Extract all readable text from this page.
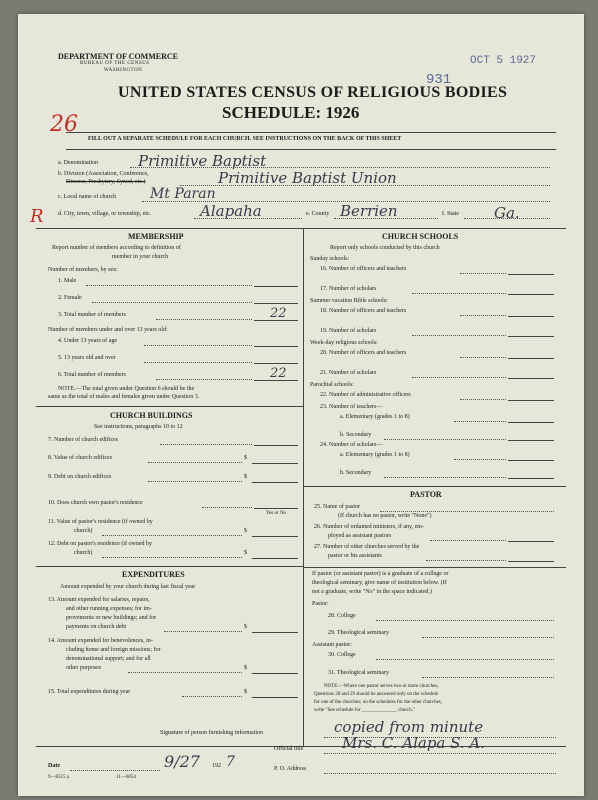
DEPARTMENT OF COMMERCE
BUREAU OF THE CENSUS
WASHINGTON
OCT 5 1927
931
UNITED STATES CENSUS OF RELIGIOUS BODIES
SCHEDULE: 1926
26
FILL OUT A SEPARATE SCHEDULE FOR EACH CHURCH. SEE INSTRUCTIONS ON THE BACK OF THIS SHEET
a. Denomination	Primitive Baptist
b. Division (Association, Conference,
Diocese, Presbytery, Synod, etc.)	Primitive Baptist Union
c. Local name of church Mt Paran
R d. City, town, village, or township, etc.	Alapaha	e. County Berrien	f. State Ga.
MEMBERSHIP
Report number of members according to definition of
member in your church
Number of members, by sex:
1. Male
2. Female
3. Total number of members	22
Number of members under and over 13 years old:
4. Under 13 years of age
5. 13 years old and over
6. Total number of members	22
NOTE.—The total given under Question 6 should be the
same as the total of males and females given under Question 3.
CHURCH BUILDINGS
See instructions, paragraphs 10 to 12
7. Number of church edifices
8. Value of church edifices	$
9. Debt on church edifices	$
10. Does church own pastor's residence
Yes or No
11. Value of pastor's residence (if owned by
church)	$
12. Debt on pastor's residence (if owned by
church)	$
EXPENDITURES
Amount expended by your church during last fiscal year
13. Amount expended for salaries, repairs,
and other running expenses; for im-
provements or new buildings; and for
payments on church debt	$
14. Amount expended for benevolences, in-
cluding home and foreign missions; for
denominational support; and for all
other purposes	$
15. Total expenditures during year	$
CHURCH SCHOOLS
Report only schools conducted by this church
Sunday schools:
16. Number of officers and teachers
17. Number of scholars
Summer vacation Bible schools:
18. Number of officers and teachers
19. Number of scholars
Week-day religious schools:
20. Number of officers and teachers
21. Number of scholars
Parochial schools:
22. Number of administrative officers
23. Number of teachers—
a. Elementary (grades 1 to 8)
b. Secondary
24. Number of scholars—
a. Elementary (grades 1 to 8)
b. Secondary
PASTOR
25. Name of pastor
(If church has no pastor, write "None")
26. Number of ordained ministers, if any, em-
ployed as assistant pastors
27. Number of other churches served by the
pastor or his assistants
If pastor (or assistant pastor) is a graduate of a college or
theological seminary, give name of institution below. (If
not a graduate, write "No" in the space indicated.)
Pastor:
28. College
29. Theological seminary
Assistant pastor:
30. College
31. Theological seminary
NOTE.—Where one pastor serves two or more churches,
Questions 28 and 29 should be answered only on the schedule
for one of the churches; on the schedules for the other churches,
write "See schedule for ______________ church."
Signature of person furnishing information	copied from minute
Official title	Mrs. C. Alapa S. A.
Date	9/27 192 7	P. O. Address
9—8515 a	11—6054
